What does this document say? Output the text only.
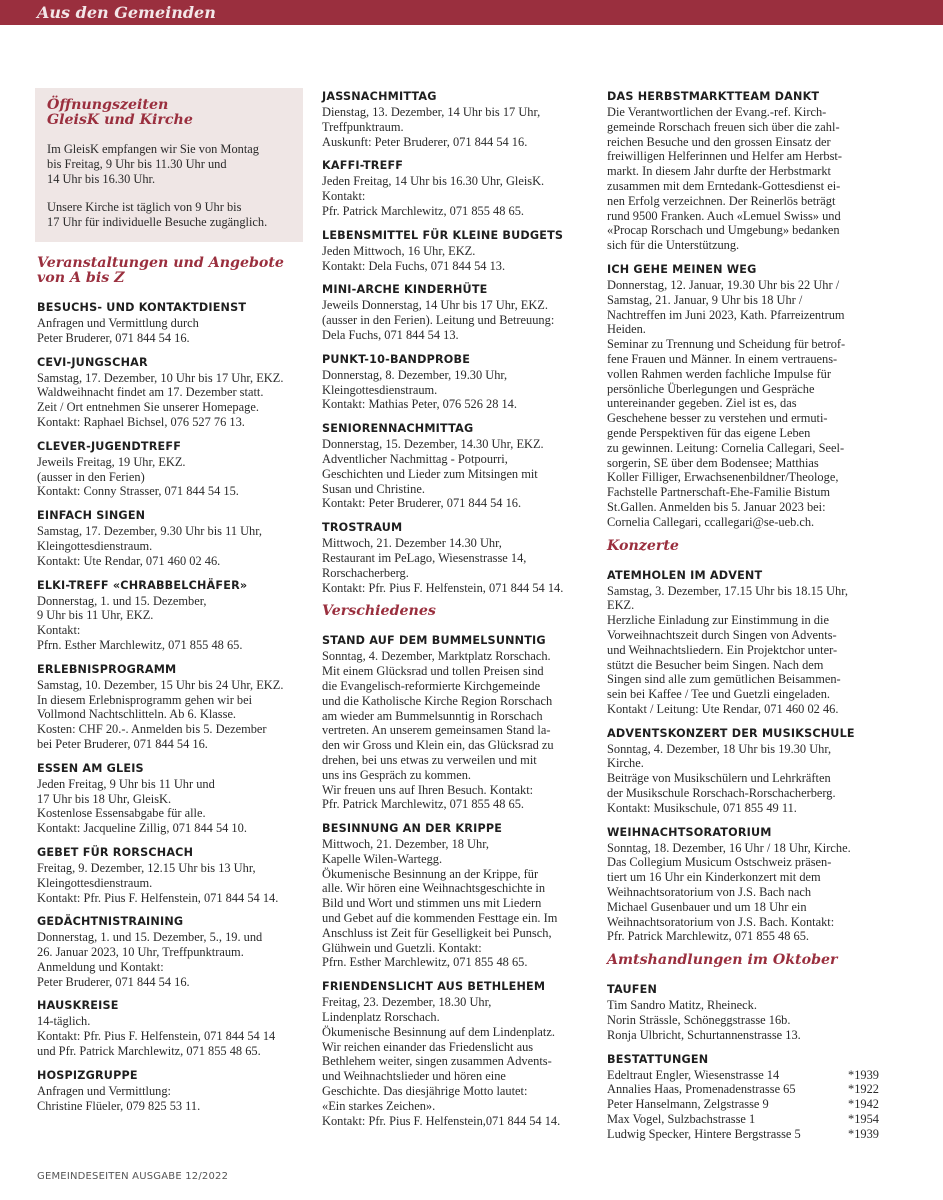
Aus den Gemeinden
Öffnungszeiten
GleisK und Kirche

Im GleisK empfangen wir Sie von Montag
bis Freitag, 9 Uhr bis 11.30 Uhr und
14 Uhr bis 16.30 Uhr.

Unsere Kirche ist täglich von 9 Uhr bis
17 Uhr für individuelle Besuche zugänglich.

Veranstaltungen und Angebote
von A bis Z
BESUCHS- UND KONTAKTDIENST
Anfragen und Vermittlung durch
Peter Bruderer, 071 844 54 16.
CEVI-JUNGSCHAR
Samstag, 17. Dezember, 10 Uhr bis 17 Uhr, EKZ.
Waldweihnacht findet am 17. Dezember statt.
Zeit / Ort entnehmen Sie unserer Homepage.
Kontakt: Raphael Bichsel, 076 527 76 13.
CLEVER-JUGENDTREFF
Jeweils Freitag, 19 Uhr, EKZ.
(ausser in den Ferien)
Kontakt: Conny Strasser, 071 844 54 15.
EINFACH SINGEN
Samstag, 17. Dezember, 9.30 Uhr bis 11 Uhr,
Kleingottesdienstraum.
Kontakt: Ute Rendar, 071 460 02 46.
ELKI-TREFF «CHRABBELCHÄFER»
Donnerstag, 1. und 15. Dezember,
9 Uhr bis 11 Uhr, EKZ.
Kontakt:
Pfrn. Esther Marchlewitz, 071 855 48 65.
ERLEBNISPROGRAMM
Samstag, 10. Dezember, 15 Uhr bis 24 Uhr, EKZ.
In diesem Erlebnisprogramm gehen wir bei
Vollmond Nachtschlitteln. Ab 6. Klasse.
Kosten: CHF 20.-. Anmelden bis 5. Dezember
bei Peter Bruderer, 071 844 54 16.
ESSEN AM GLEIS
Jeden Freitag, 9 Uhr bis 11 Uhr und
17 Uhr bis 18 Uhr, GleisK.
Kostenlose Essensabgabe für alle.
Kontakt: Jacqueline Zillig, 071 844 54 10.
GEBET FÜR RORSCHACH
Freitag, 9. Dezember, 12.15 Uhr bis 13 Uhr,
Kleingottesdienstraum.
Kontakt: Pfr. Pius F. Helfenstein, 071 844 54 14.
GEDÄCHTNISTRAINING
Donnerstag, 1. und 15. Dezember, 5., 19. und
26. Januar 2023, 10 Uhr, Treffpunktraum.
Anmeldung und Kontakt:
Peter Bruderer, 071 844 54 16.
HAUSKREISE
14-täglich.
Kontakt: Pfr. Pius F. Helfenstein, 071 844 54 14
und Pfr. Patrick Marchlewitz, 071 855 48 65.
HOSPIZGRUPPE
Anfragen und Vermittlung:
Christine Flüeler, 079 825 53 11.
JASSNACHMITTAG
Dienstag, 13. Dezember, 14 Uhr bis 17 Uhr,
Treffpunktraum.
Auskunft: Peter Bruderer, 071 844 54 16.
KAFFI-TREFF
Jeden Freitag, 14 Uhr bis 16.30 Uhr, GleisK.
Kontakt:
Pfr. Patrick Marchlewitz, 071 855 48 65.
LEBENSMITTEL FÜR KLEINE BUDGETS
Jeden Mittwoch, 16 Uhr, EKZ.
Kontakt: Dela Fuchs, 071 844 54 13.
MINI-ARCHE KINDERHÜTE
Jeweils Donnerstag, 14 Uhr bis 17 Uhr, EKZ.
(ausser in den Ferien). Leitung und Betreuung:
Dela Fuchs, 071 844 54 13.
PUNKT-10-BANDPROBE
Donnerstag, 8. Dezember, 19.30 Uhr,
Kleingottesdienstraum.
Kontakt: Mathias Peter, 076 526 28 14.
SENIORENNACHMITTAG
Donnerstag, 15. Dezember, 14.30 Uhr, EKZ.
Adventlicher Nachmittag - Potpourri,
Geschichten und Lieder zum Mitsingen mit
Susan und Christine.
Kontakt: Peter Bruderer, 071 844 54 16.
TROSTRAUM
Mittwoch, 21. Dezember 14.30 Uhr,
Restaurant im PeLago, Wiesenstrasse 14,
Rorschacherberg.
Kontakt: Pfr. Pius F. Helfenstein, 071 844 54 14.
Verschiedenes
STAND AUF DEM BUMMELSUNNTIG
Sonntag, 4. Dezember, Marktplatz Rorschach.
Mit einem Glücksrad und tollen Preisen sind
die Evangelisch-reformierte Kirchgemeinde
und die Katholische Kirche Region Rorschach
am wieder am Bummelsunntig in Rorschach
vertreten. An unserem gemeinsamen Stand la-
den wir Gross und Klein ein, das Glücksrad zu
drehen, bei uns etwas zu verweilen und mit
uns ins Gespräch zu kommen.
Wir freuen uns auf Ihren Besuch. Kontakt:
Pfr. Patrick Marchlewitz, 071 855 48 65.
BESINNUNG AN DER KRIPPE
Mittwoch, 21. Dezember, 18 Uhr,
Kapelle Wilen-Wartegg.
Ökumenische Besinnung an der Krippe, für
alle. Wir hören eine Weihnachtsgeschichte in
Bild und Wort und stimmen uns mit Liedern
und Gebet auf die kommenden Festtage ein. Im
Anschluss ist Zeit für Geselligkeit bei Punsch,
Glühwein und Guetzli. Kontakt:
Pfrn. Esther Marchlewitz, 071 855 48 65.
FRIENDENSLICHT AUS BETHLEHEM
Freitag, 23. Dezember, 18.30 Uhr,
Lindenplatz Rorschach.
Ökumenische Besinnung auf dem Lindenplatz.
Wir reichen einander das Friedenslicht aus
Bethlehem weiter, singen zusammen Advents-
und Weihnachtslieder und hören eine
Geschichte. Das diesjährige Motto lautet:
«Ein starkes Zeichen».
Kontakt: Pfr. Pius F. Helfenstein,071 844 54 14.
DAS HERBSTMARKTTEAM DANKT
Die Verantwortlichen der Evang.-ref. Kirch-
gemeinde Rorschach freuen sich über die zahl-
reichen Besuche und den grossen Einsatz der
freiwilligen Helferinnen und Helfer am Herbst-
markt. In diesem Jahr durfte der Herbstmarkt
zusammen mit dem Erntedank-Gottesdienst ei-
nen Erfolg verzeichnen. Der Reinerlös beträgt
rund 9500 Franken. Auch «Lemuel Swiss» und
«Procap Rorschach und Umgebung» bedanken
sich für die Unterstützung.
ICH GEHE MEINEN WEG
Donnerstag, 12. Januar, 19.30 Uhr bis 22 Uhr /
Samstag, 21. Januar, 9 Uhr bis 18 Uhr /
Nachtreffen im Juni 2023, Kath. Pfarreizentrum
Heiden.
Seminar zu Trennung und Scheidung für betrof-
fene Frauen und Männer. In einem vertrauens-
vollen Rahmen werden fachliche Impulse für
persönliche Überlegungen und Gespräche
untereinander gegeben. Ziel ist es, das
Geschehene besser zu verstehen und ermuti-
gende Perspektiven für das eigene Leben
zu gewinnen. Leitung: Cornelia Callegari, Seel-
sorgerin, SE über dem Bodensee; Matthias
Koller Filliger, Erwachsenenbildner/Theologe,
Fachstelle Partnerschaft-Ehe-Familie Bistum
St.Gallen. Anmelden bis 5. Januar 2023 bei:
Cornelia Callegari, ccallegari@se-ueb.ch.
Konzerte
ATEMHOLEN IM ADVENT
Samstag, 3. Dezember, 17.15 Uhr bis 18.15 Uhr,
EKZ.
Herzliche Einladung zur Einstimmung in die
Vorweihnachtszeit durch Singen von Advents-
und Weihnachtsliedern. Ein Projektchor unter-
stützt die Besucher beim Singen. Nach dem
Singen sind alle zum gemütlichen Beisammen-
sein bei Kaffee / Tee und Guetzli eingeladen.
Kontakt / Leitung: Ute Rendar, 071 460 02 46.
ADVENTSKONZERT DER MUSIKSCHULE
Sonntag, 4. Dezember, 18 Uhr bis 19.30 Uhr,
Kirche.
Beiträge von Musikschülern und Lehrkräften
der Musikschule Rorschach-Rorschacherberg.
Kontakt: Musikschule, 071 855 49 11.
WEIHNACHTSORATORIUM
Sonntag, 18. Dezember, 16 Uhr / 18 Uhr, Kirche.
Das Collegium Musicum Ostschweiz präsen-
tiert um 16 Uhr ein Kinderkonzert mit dem
Weihnachtsoratorium von J.S. Bach nach
Michael Gusenbauer und um 18 Uhr ein
Weihnachtsoratorium von J.S. Bach. Kontakt:
Pfr. Patrick Marchlewitz, 071 855 48 65.
Amtshandlungen im Oktober
TAUFEN
Tim Sandro Matitz, Rheineck.
Norin Strässle, Schöneggstrasse 16b.
Ronja Ulbricht, Schurtannenstrasse 13.
BESTATTUNGEN
Edeltraut Engler, Wiesenstrasse 14	*1939
Annalies Haas, Promenadenstrasse 65	*1922
Peter Hanselmann, Zelgstrasse 9	*1942
Max Vogel, Sulzbachstrasse 1	*1954
Ludwig Specker, Hintere Bergstrasse 5	*1939
GEMEINDESEITEN AUSGABE 12/2022
